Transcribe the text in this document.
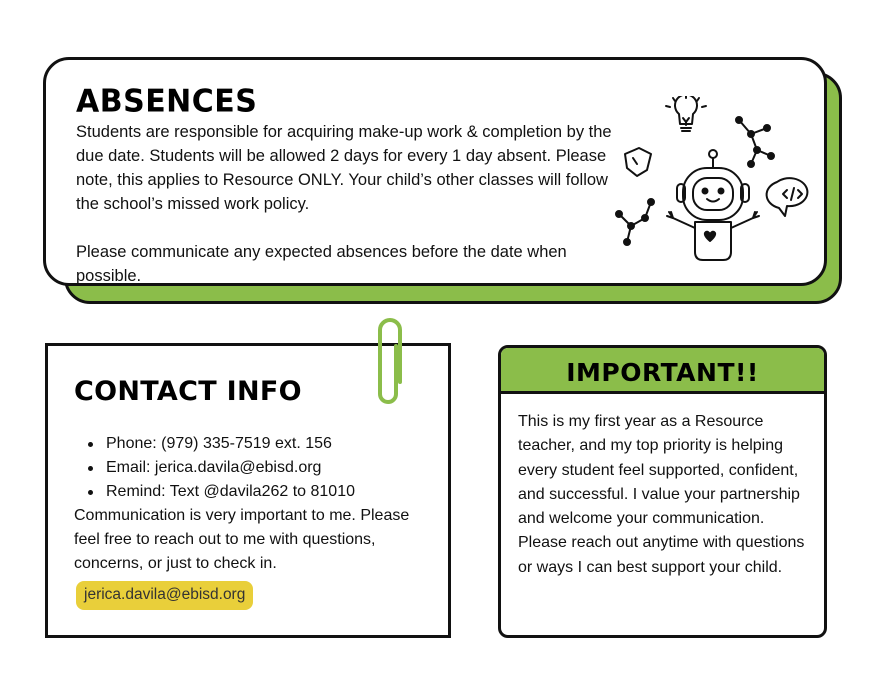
ABSENCES

Students are responsible for acquiring make-up work & completion by the due date. Students will be allowed 2 days for every 1 day absent. Please note, this applies to Resource ONLY. Your child’s other classes will follow the school’s missed work policy.

Please communicate any expected absences before the date when possible.

CONTACT INFO
Phone: (979) 335-7519 ext. 156
Email: jerica.davila@ebisd.org
Remind: Text @davila262 to 81010

Communication is very important to me. Please feel free to reach out to me with questions, concerns, or just to check in.

jerica.davila@ebisd.org
IMPORTANT!!

This is my first year as a Resource teacher, and my top priority is helping every student feel supported, confident, and successful. I value your partnership and welcome your communication. Please reach out anytime with questions or ways I can best support your child.
